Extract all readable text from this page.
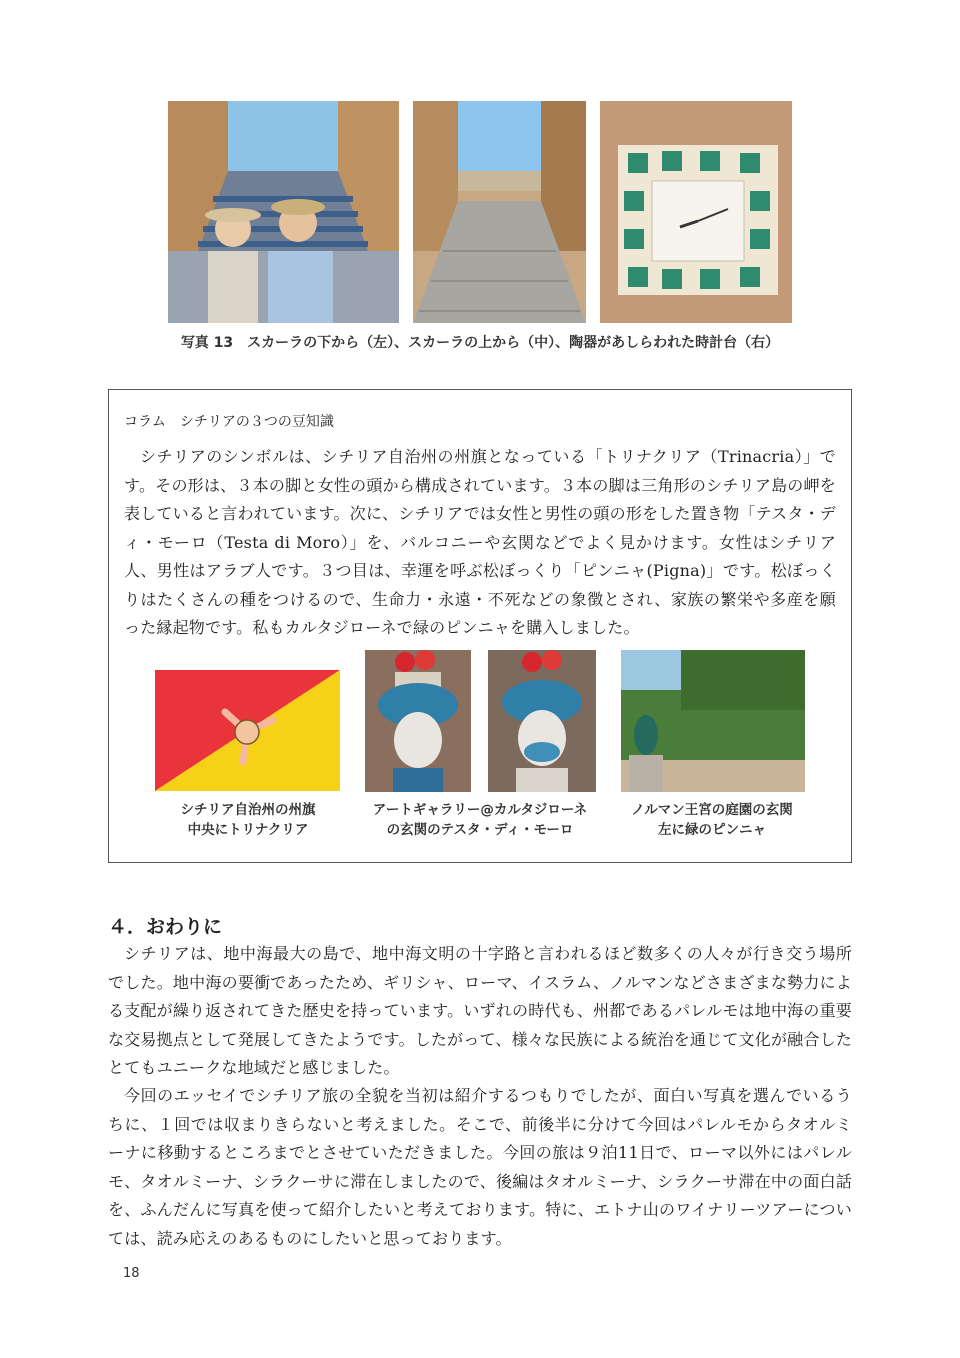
写真 13　スカーラの下から（左）、スカーラの上から（中）、陶器があしらわれた時計台（右）
コラム　シチリアの３つの豆知識
シチリアのシンボルは、シチリア自治州の州旗となっている「トリナクリア（Trinacria）」です。その形は、３本の脚と女性の頭から構成されています。３本の脚は三角形のシチリア島の岬を表していると言われています。次に、シチリアでは女性と男性の頭の形をした置き物「テスタ・ディ・モーロ（Testa di Moro）」を、バルコニーや玄関などでよく見かけます。女性はシチリア人、男性はアラブ人です。３つ目は、幸運を呼ぶ松ぼっくり「ピンニャ(Pigna)」です。松ぼっくりはたくさんの種をつけるので、生命力・永遠・不死などの象徴とされ、家族の繁栄や多産を願った縁起物です。私もカルタジローネで緑のピンニャを購入しました。
シチリア自治州の州旗
中央にトリナクリア
アートギャラリー@カルタジローネ
の玄関のテスタ・ディ・モーロ
ノルマン王宮の庭園の玄関
左に緑のピンニャ
４．おわりに
シチリアは、地中海最大の島で、地中海文明の十字路と言われるほど数多くの人々が行き交う場所でした。地中海の要衝であったため、ギリシャ、ローマ、イスラム、ノルマンなどさまざまな勢力による支配が繰り返されてきた歴史を持っています。いずれの時代も、州都であるパレルモは地中海の重要な交易拠点として発展してきたようです。したがって、様々な民族による統治を通じて文化が融合したとてもユニークな地域だと感じました。
今回のエッセイでシチリア旅の全貌を当初は紹介するつもりでしたが、面白い写真を選んでいるうちに、１回では収まりきらないと考えました。そこで、前後半に分けて今回はパレルモからタオルミーナに移動するところまでとさせていただきました。今回の旅は９泊11日で、ローマ以外にはパレルモ、タオルミーナ、シラクーサに滞在しましたので、後編はタオルミーナ、シラクーサ滞在中の面白話を、ふんだんに写真を使って紹介したいと考えております。特に、エトナ山のワイナリーツアーについては、読み応えのあるものにしたいと思っております。
18
